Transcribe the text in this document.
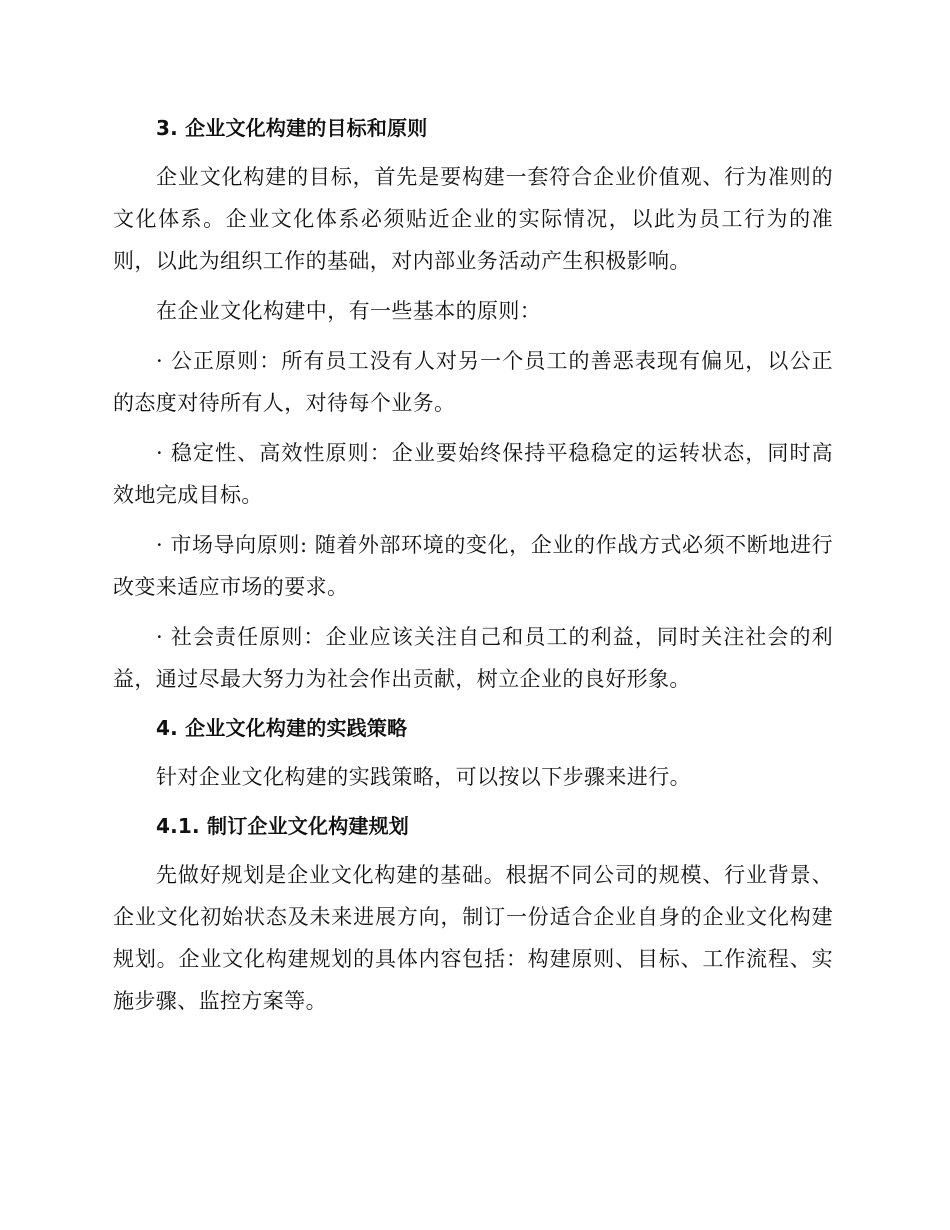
3. 企业文化构建的目标和原则

企业文化构建的目标，首先是要构建一套符合企业价值观、行为准则的文化体系。企业文化体系必须贴近企业的实际情况，以此为员工行为的准则，以此为组织工作的基础，对内部业务活动产生积极影响。

在企业文化构建中，有一些基本的原则：

· 公正原则：所有员工没有人对另一个员工的善恶表现有偏见，以公正的态度对待所有人，对待每个业务。

· 稳定性、高效性原则：企业要始终保持平稳稳定的运转状态，同时高效地完成目标。

· 市场导向原则: 随着外部环境的变化，企业的作战方式必须不断地进行改变来适应市场的要求。

· 社会责任原则：企业应该关注自己和员工的利益，同时关注社会的利益，通过尽最大努力为社会作出贡献，树立企业的良好形象。

4. 企业文化构建的实践策略

针对企业文化构建的实践策略，可以按以下步骤来进行。

4.1. 制订企业文化构建规划

先做好规划是企业文化构建的基础。根据不同公司的规模、行业背景、企业文化初始状态及未来进展方向，制订一份适合企业自身的企业文化构建规划。企业文化构建规划的具体内容包括：构建原则、目标、工作流程、实施步骤、监控方案等。
